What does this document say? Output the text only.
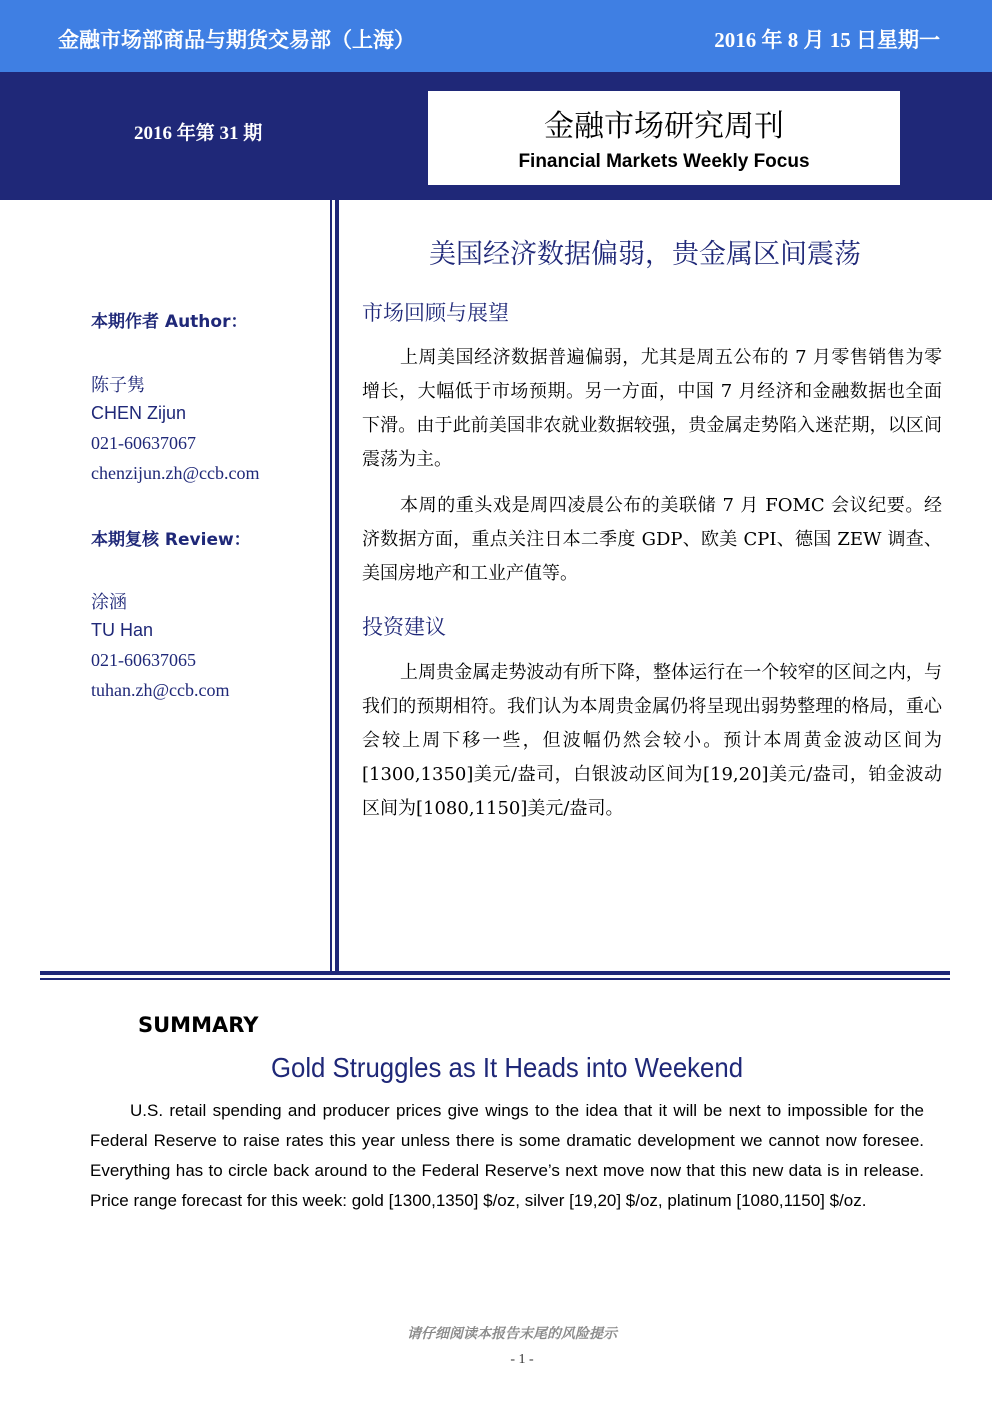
金融市场部商品与期货交易部（上海）	2016 年 8 月 15 日星期一
2016 年第 31 期	金融市场研究周刊
Financial Markets Weekly Focus
本期作者 Author：
陈子隽
CHEN Zijun
021-60637067
chenzijun.zh@ccb.com
本期复核 Review：
涂涵
TU Han
021-60637065
tuhan.zh@ccb.com
美国经济数据偏弱，贵金属区间震荡
市场回顾与展望
上周美国经济数据普遍偏弱，尤其是周五公布的 7 月零售销售为零增长，大幅低于市场预期。另一方面，中国 7 月经济和金融数据也全面下滑。由于此前美国非农就业数据较强，贵金属走势陷入迷茫期，以区间震荡为主。
本周的重头戏是周四凌晨公布的美联储 7 月 FOMC 会议纪要。经济数据方面，重点关注日本二季度 GDP、欧美 CPI、德国 ZEW 调查、美国房地产和工业产值等。
投资建议
上周贵金属走势波动有所下降，整体运行在一个较窄的区间之内，与我们的预期相符。我们认为本周贵金属仍将呈现出弱势整理的格局，重心会较上周下移一些，但波幅仍然会较小。预计本周黄金波动区间为[1300,1350]美元/盎司，白银波动区间为[19,20]美元/盎司，铂金波动区间为[1080,1150]美元/盎司。
SUMMARY
Gold Struggles as It Heads into Weekend
U.S. retail spending and producer prices give wings to the idea that it will be next to impossible for the Federal Reserve to raise rates this year unless there is some dramatic development we cannot now foresee. Everything has to circle back around to the Federal Reserve’s next move now that this new data is in release. Price range forecast for this week: gold [1300,1350] $/oz, silver [19,20] $/oz, platinum [1080,1150] $/oz.
请仔细阅读本报告末尾的风险提示
- 1 -
